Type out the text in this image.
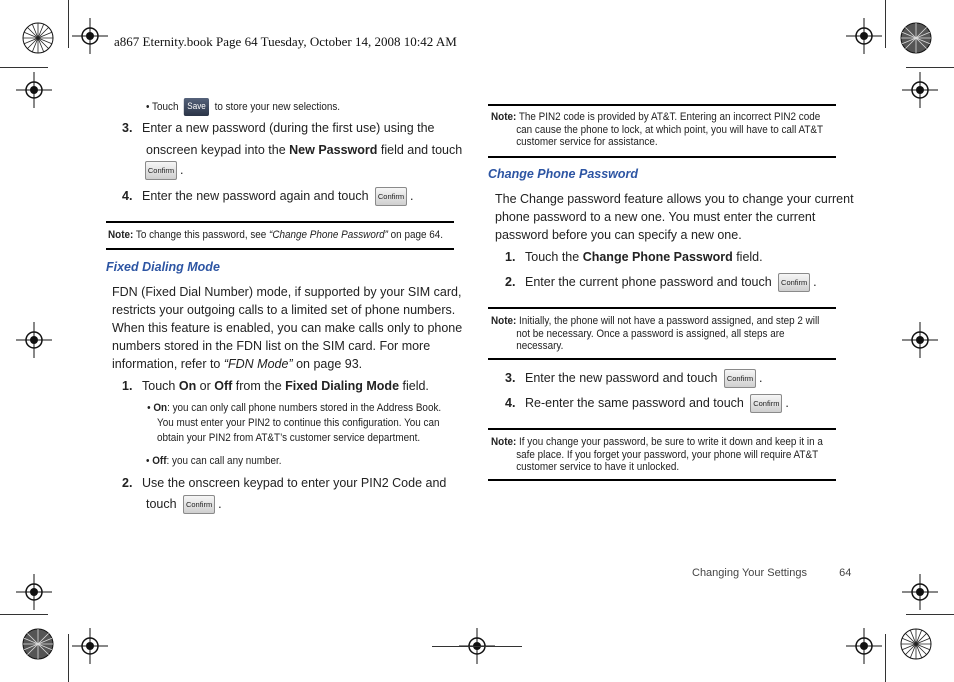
a867 Eternity.book Page 64 Tuesday, October 14, 2008 10:42 AM
• Touch Save to store your new selections.
3. Enter a new password (during the first use) using the
onscreen keypad into the New Password field and touch
Confirm .
4. Enter the new password again and touch Confirm .
Note: To change this password, see “Change Phone Password” on page 64.
Fixed Dialing Mode
FDN (Fixed Dial Number) mode, if supported by your SIM card,
restricts your outgoing calls to a limited set of phone numbers.
When this feature is enabled, you can make calls only to phone
numbers stored in the FDN list on the SIM card. For more
information, refer to “FDN Mode” on page 93.
1. Touch On or Off from the Fixed Dialing Mode field.
• On: you can only call phone numbers stored in the Address Book.
You must enter your PIN2 to continue this configuration. You can
obtain your PIN2 from AT&T’s customer service department.
• Off: you can call any number.
2. Use the onscreen keypad to enter your PIN2 Code and
touch Confirm .
Note: The PIN2 code is provided by AT&T. Entering an incorrect PIN2 code
can cause the phone to lock, at which point, you will have to call AT&T
customer service for assistance.
Change Phone Password
The Change password feature allows you to change your current
phone password to a new one. You must enter the current
password before you can specify a new one.
1. Touch the Change Phone Password field.
2. Enter the current phone password and touch Confirm .
Note: Initially, the phone will not have a password assigned, and step 2 will
not be necessary. Once a password is assigned, all steps are
necessary.
3. Enter the new password and touch Confirm .
4. Re-enter the same password and touch Confirm .
Note: If you change your password, be sure to write it down and keep it in a
safe place. If you forget your password, your phone will require AT&T
customer service to have it unlocked.
Changing Your Settings	64
